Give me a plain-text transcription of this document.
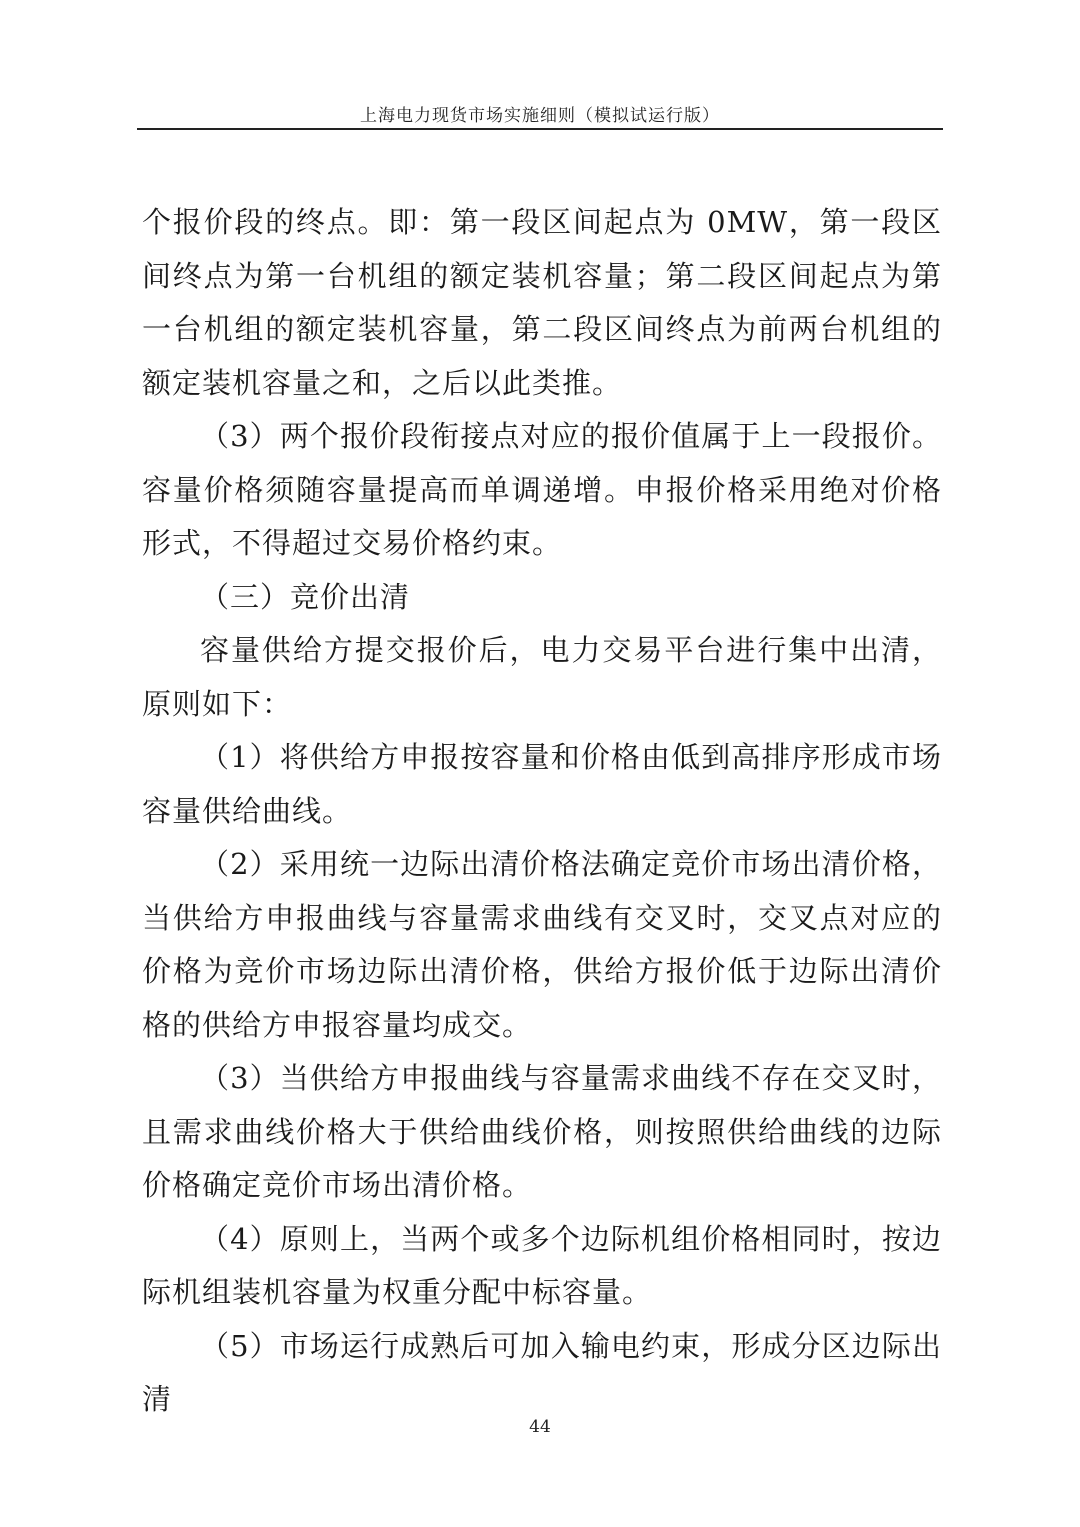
上海电力现货市场实施细则（模拟试运行版）

个报价段的终点。即：第一段区间起点为 0MW，第一段区间终点为第一台机组的额定装机容量；第二段区间起点为第一台机组的额定装机容量，第二段区间终点为前两台机组的额定装机容量之和，之后以此类推。

（3）两个报价段衔接点对应的报价值属于上一段报价。容量价格须随容量提高而单调递增。申报价格采用绝对价格形式，不得超过交易价格约束。

（三）竞价出清

容量供给方提交报价后，电力交易平台进行集中出清，原则如下：

（1）将供给方申报按容量和价格由低到高排序形成市场容量供给曲线。

（2）采用统一边际出清价格法确定竞价市场出清价格，当供给方申报曲线与容量需求曲线有交叉时，交叉点对应的价格为竞价市场边际出清价格，供给方报价低于边际出清价格的供给方申报容量均成交。

（3）当供给方申报曲线与容量需求曲线不存在交叉时，且需求曲线价格大于供给曲线价格，则按照供给曲线的边际价格确定竞价市场出清价格。

（4）原则上，当两个或多个边际机组价格相同时，按边际机组装机容量为权重分配中标容量。

（5）市场运行成熟后可加入输电约束，形成分区边际出清

44
